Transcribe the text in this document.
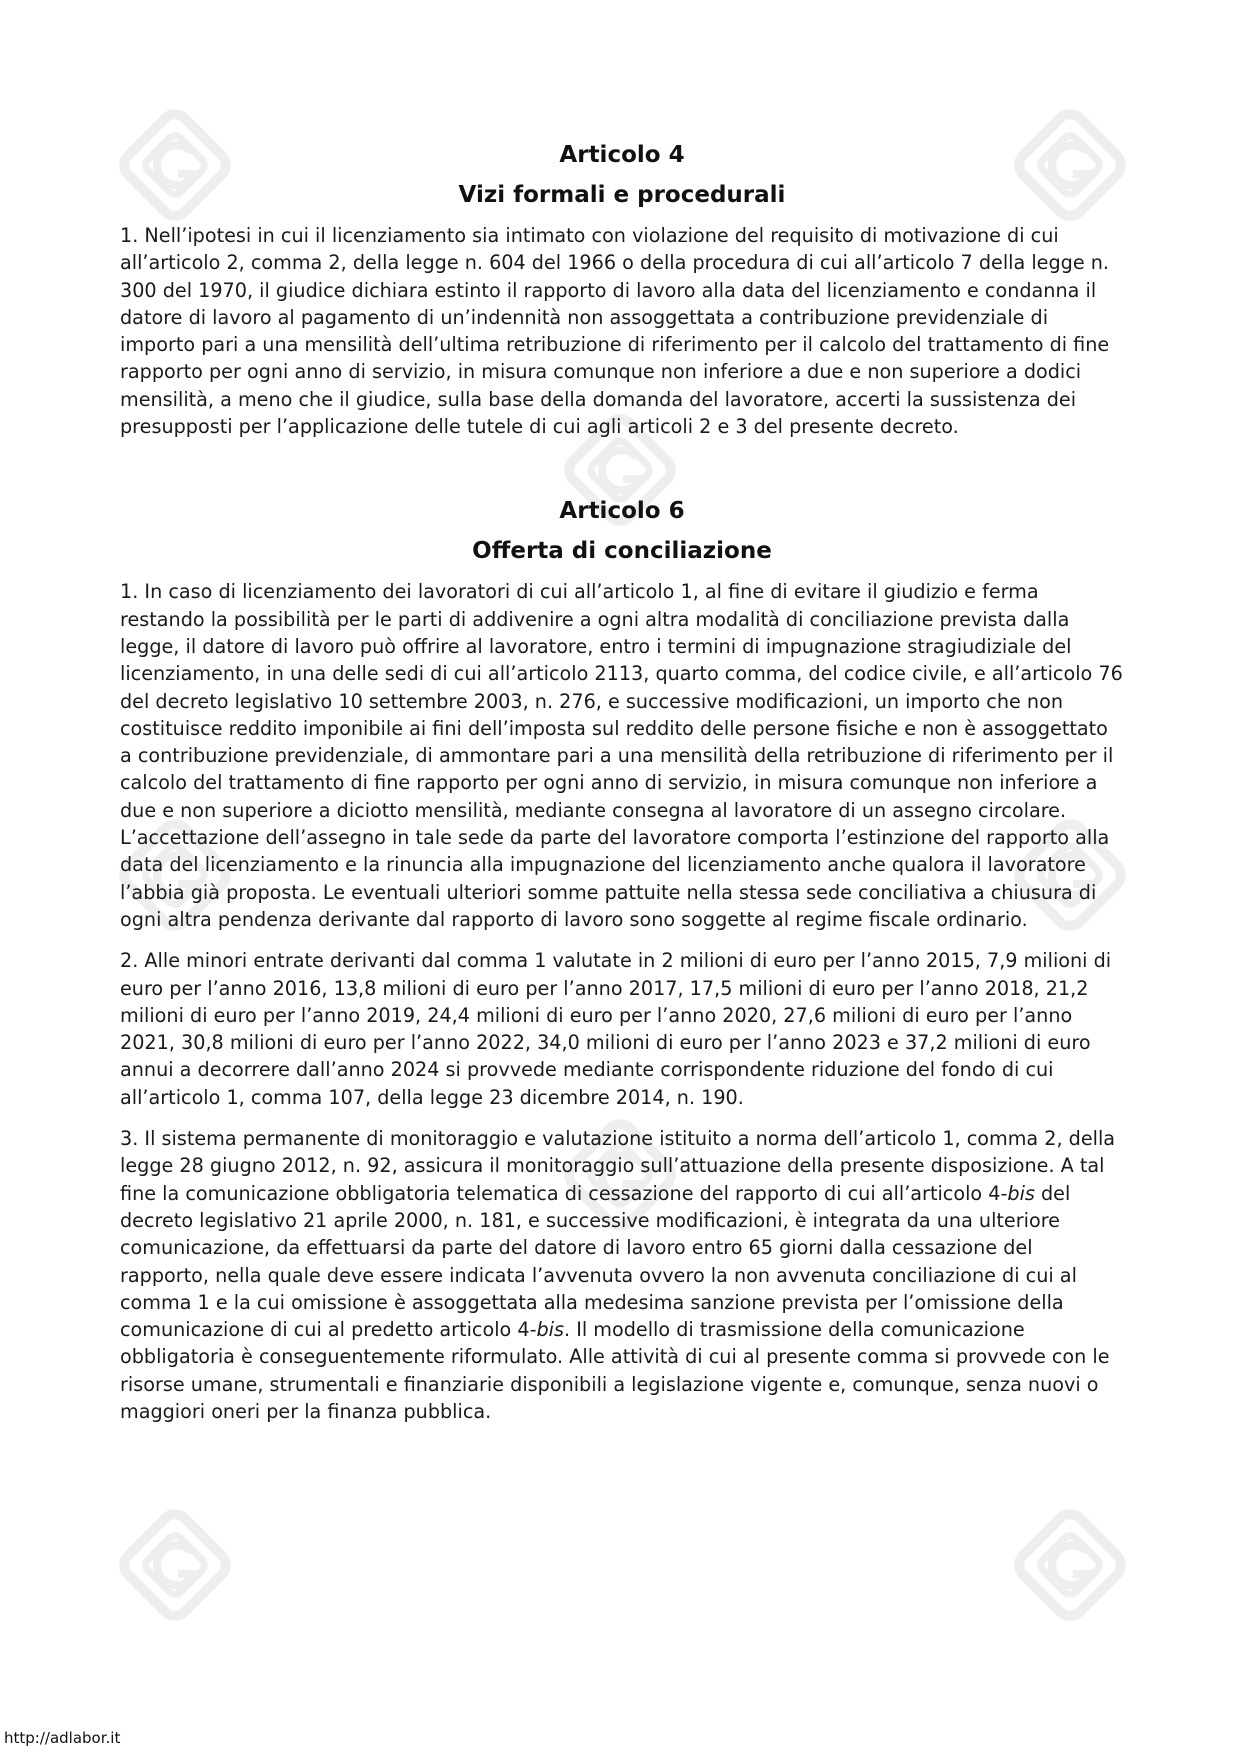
Articolo 4
Vizi formali e procedurali

1. Nell’ipotesi in cui il licenziamento sia intimato con violazione del requisito di motivazione di cui all’articolo 2, comma 2, della legge n. 604 del 1966 o della procedura di cui all’articolo 7 della legge n. 300 del 1970, il giudice dichiara estinto il rapporto di lavoro alla data del licenziamento e condanna il datore di lavoro al pagamento di un’indennità non assoggettata a contribuzione previdenziale di importo pari a una mensilità dell’ultima retribuzione di riferimento per il calcolo del trattamento di fine rapporto per ogni anno di servizio, in misura comunque non inferiore a due e non superiore a dodici mensilità, a meno che il giudice, sulla base della domanda del lavoratore, accerti la sussistenza dei presupposti per l’applicazione delle tutele di cui agli articoli 2 e 3 del presente decreto.

Articolo 6
Offerta di conciliazione

1. In caso di licenziamento dei lavoratori di cui all’articolo 1, al fine di evitare il giudizio e ferma restando la possibilità per le parti di addivenire a ogni altra modalità di conciliazione prevista dalla legge, il datore di lavoro può offrire al lavoratore, entro i termini di impugnazione stragiudiziale del licenziamento, in una delle sedi di cui all’articolo 2113, quarto comma, del codice civile, e all’articolo 76 del decreto legislativo 10 settembre 2003, n. 276, e successive modificazioni, un importo che non costituisce reddito imponibile ai fini dell’imposta sul reddito delle persone fisiche e non è assoggettato a contribuzione previdenziale, di ammontare pari a una mensilità della retribuzione di riferimento per il calcolo del trattamento di fine rapporto per ogni anno di servizio, in misura comunque non inferiore a due e non superiore a diciotto mensilità, mediante consegna al lavoratore di un assegno circolare. L’accettazione dell’assegno in tale sede da parte del lavoratore comporta l’estinzione del rapporto alla data del licenziamento e la rinuncia alla impugnazione del licenziamento anche qualora il lavoratore l’abbia già proposta. Le eventuali ulteriori somme pattuite nella stessa sede conciliativa a chiusura di ogni altra pendenza derivante dal rapporto di lavoro sono soggette al regime fiscale ordinario.

2. Alle minori entrate derivanti dal comma 1 valutate in 2 milioni di euro per l’anno 2015, 7,9 milioni di euro per l’anno 2016, 13,8 milioni di euro per l’anno 2017, 17,5 milioni di euro per l’anno 2018, 21,2 milioni di euro per l’anno 2019, 24,4 milioni di euro per l’anno 2020, 27,6 milioni di euro per l’anno 2021, 30,8 milioni di euro per l’anno 2022, 34,0 milioni di euro per l’anno 2023 e 37,2 milioni di euro annui a decorrere dall’anno 2024 si provvede mediante corrispondente riduzione del fondo di cui all’articolo 1, comma 107, della legge 23 dicembre 2014, n. 190.

3. Il sistema permanente di monitoraggio e valutazione istituito a norma dell’articolo 1, comma 2, della legge 28 giugno 2012, n. 92, assicura il monitoraggio sull’attuazione della presente disposizione. A tal fine la comunicazione obbligatoria telematica di cessazione del rapporto di cui all’articolo 4-bis del decreto legislativo 21 aprile 2000, n. 181, e successive modificazioni, è integrata da una ulteriore comunicazione, da effettuarsi da parte del datore di lavoro entro 65 giorni dalla cessazione del rapporto, nella quale deve essere indicata l’avvenuta ovvero la non avvenuta conciliazione di cui al comma 1 e la cui omissione è assoggettata alla medesima sanzione prevista per l’omissione della comunicazione di cui al predetto articolo 4-bis. Il modello di trasmissione della comunicazione obbligatoria è conseguentemente riformulato. Alle attività di cui al presente comma si provvede con le risorse umane, strumentali e finanziarie disponibili a legislazione vigente e, comunque, senza nuovi o maggiori oneri per la finanza pubblica.

http://adlabor.it
